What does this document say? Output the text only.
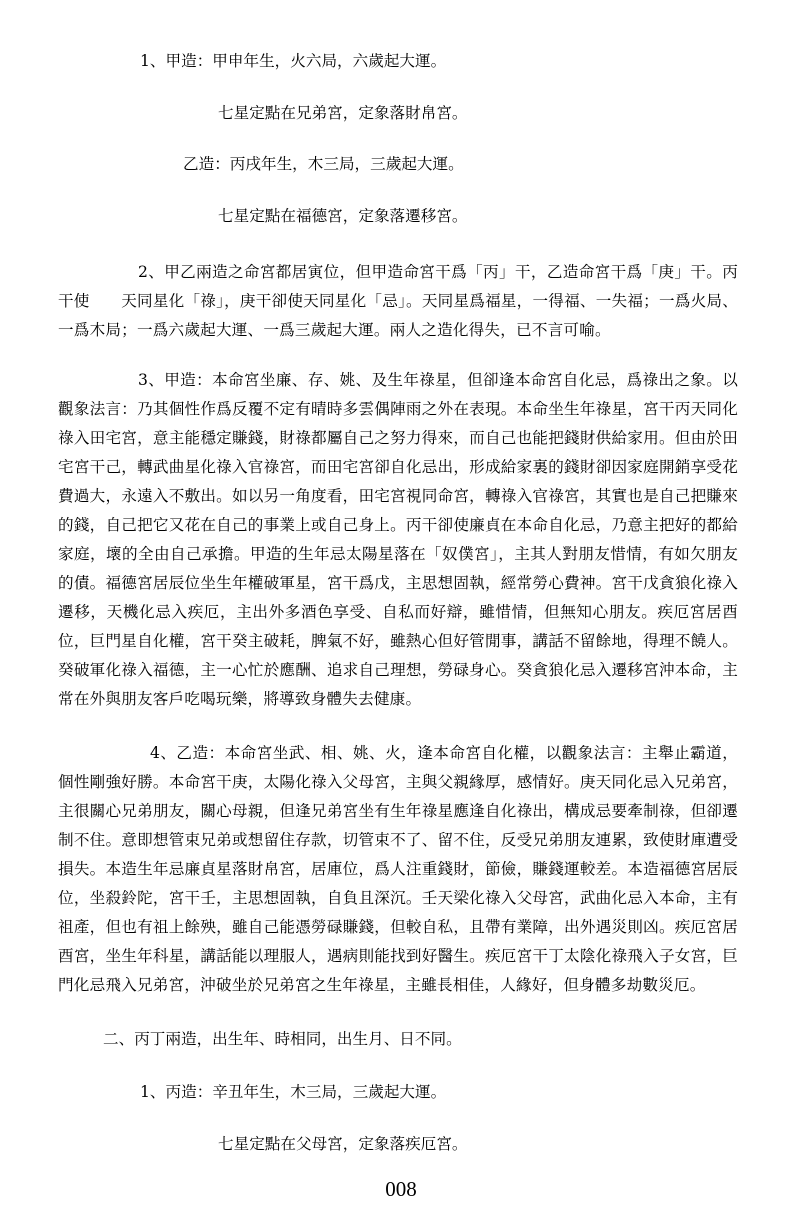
1、甲造：甲申年生，火六局，六歲起大運。
七星定點在兄弟宮，定象落財帛宮。
乙造：丙戌年生，木三局，三歲起大運。
七星定點在福德宮，定象落遷移宮。
2、甲乙兩造之命宮都居寅位，但甲造命宮干爲「丙」干，乙造命宮干爲「庚」干。丙干使　　天同星化「祿」，庚干卻使天同星化「忌」。天同星爲福星，一得福、一失福；一爲火局、一爲木局；一爲六歲起大運、一爲三歲起大運。兩人之造化得失，已不言可喻。
3、甲造：本命宮坐廉、存、姚、及生年祿星，但卻逢本命宮自化忌，爲祿出之象。以觀象法言：乃其個性作爲反覆不定有晴時多雲偶陣雨之外在表現。本命坐生年祿星，宮干丙天同化祿入田宅宮，意主能穩定賺錢，財祿都屬自己之努力得來，而自己也能把錢財供給家用。但由於田宅宮干己，轉武曲星化祿入官祿宮，而田宅宮卻自化忌出，形成給家裏的錢財卻因家庭開銷享受花費過大，永遠入不敷出。如以另一角度看，田宅宮視同命宮，轉祿入官祿宮，其實也是自己把賺來的錢，自己把它又花在自己的事業上或自己身上。丙干卻使廉貞在本命自化忌，乃意主把好的都給家庭，壞的全由自己承擔。甲造的生年忌太陽星落在「奴僕宮」，主其人對朋友惜情，有如欠朋友的債。福德宮居辰位坐生年權破軍星，宮干爲戊，主思想固執，經常勞心費神。宮干戊貪狼化祿入遷移，天機化忌入疾厄，主出外多酒色享受、自私而好辯，雖惜情，但無知心朋友。疾厄宮居酉位，巨門星自化權，宮干癸主破耗，脾氣不好，雖熱心但好管閒事，講話不留餘地，得理不饒人。癸破軍化祿入福德，主一心忙於應酬、追求自己理想，勞碌身心。癸貪狼化忌入遷移宮沖本命，主常在外與朋友客戶吃喝玩樂，將導致身體失去健康。
4、乙造：本命宮坐武、相、姚、火，逢本命宮自化權，以觀象法言：主舉止霸道，個性剛強好勝。本命宮干庚，太陽化祿入父母宮，主與父親緣厚，感情好。庚天同化忌入兄弟宮，主很關心兄弟朋友，關心母親，但逢兄弟宮坐有生年祿星應逢自化祿出，構成忌要牽制祿，但卻遷制不住。意即想管束兄弟或想留住存款，切管束不了、留不住，反受兄弟朋友連累，致使財庫遭受損失。本造生年忌廉貞星落財帛宮，居庫位，爲人注重錢財，節儉，賺錢運較差。本造福德宮居辰位，坐殺鈴陀，宮干壬，主思想固執，自負且深沉。壬天梁化祿入父母宮，武曲化忌入本命，主有祖產，但也有祖上餘殃，雖自己能憑勞碌賺錢，但較自私，且帶有業障，出外遇災則凶。疾厄宮居酉宮，坐生年科星，講話能以理服人，遇病則能找到好醫生。疾厄宮干丁太陰化祿飛入子女宮，巨門化忌飛入兄弟宮，沖破坐於兄弟宮之生年祿星，主雖長相佳，人緣好，但身體多劫數災厄。
二、丙丁兩造，出生年、時相同，出生月、日不同。
1、丙造：辛丑年生，木三局，三歲起大運。
七星定點在父母宮，定象落疾厄宮。
008
